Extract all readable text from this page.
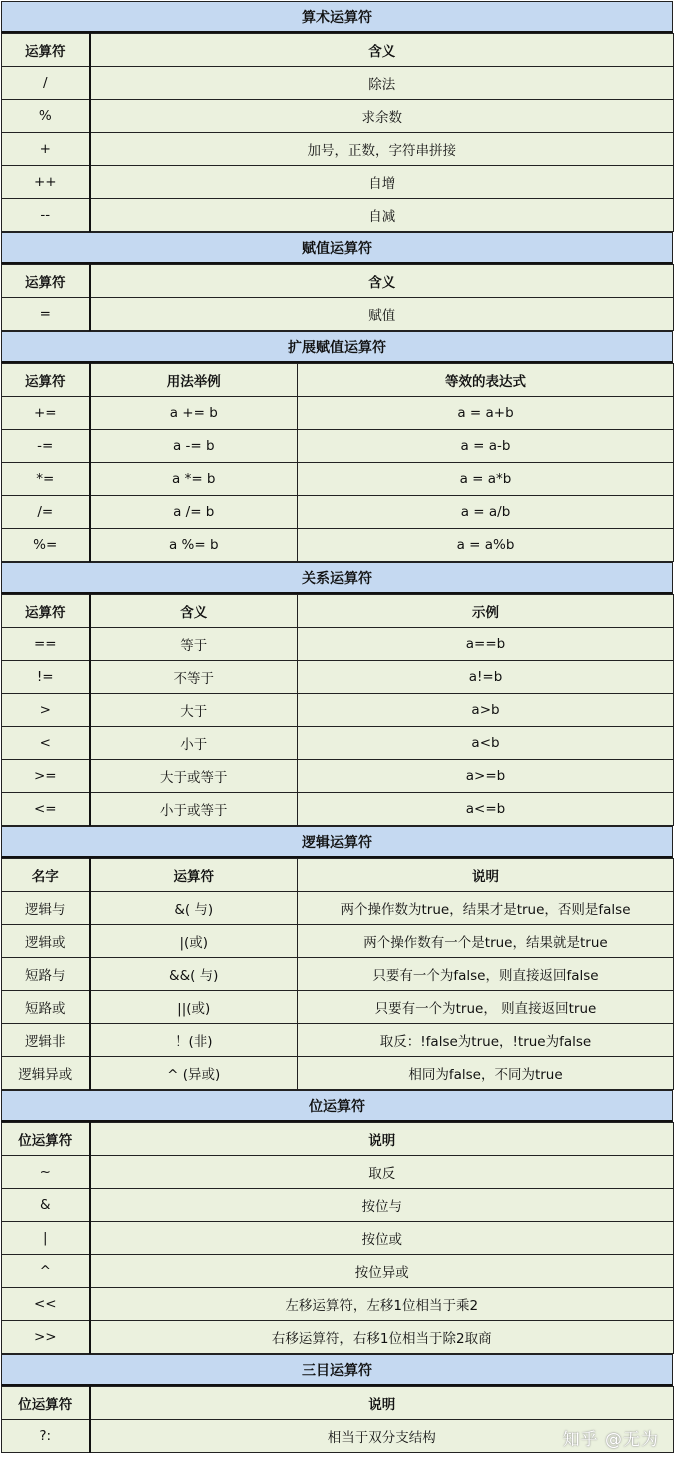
算术运算符
运算符	含义
/	除法
%	求余数
+	加号，正数，字符串拼接
++	自增
--	自减
赋值运算符
运算符	含义
=	赋值
扩展赋值运算符
运算符	用法举例	等效的表达式
+=	a += b	a = a+b
-=	a -= b	a = a-b
*=	a *= b	a = a*b
/=	a /= b	a = a/b
%=	a %= b	a = a%b
关系运算符
运算符	含义	示例
==	等于	a==b
!=	不等于	a!=b
>	大于	a>b
<	小于	a<b
>=	大于或等于	a>=b
<=	小于或等于	a<=b
逻辑运算符
名字	运算符	说明
逻辑与	&( 与)	两个操作数为true，结果才是true，否则是false
逻辑或	|(或)	两个操作数有一个是true，结果就是true
短路与	&&( 与)	只要有一个为false，则直接返回false
短路或	||(或)	只要有一个为true， 则直接返回true
逻辑非	！(非)	取反：!false为true，!true为false
逻辑异或	^ (异或)	相同为false，不同为true
位运算符
位运算符	说明
~	取反
&	按位与
|	按位或
^	按位异或
<<	左移运算符，左移1位相当于乘2
>>	右移运算符，右移1位相当于除2取商
三目运算符
位运算符	说明
?:	相当于双分支结构	知乎 @无为
